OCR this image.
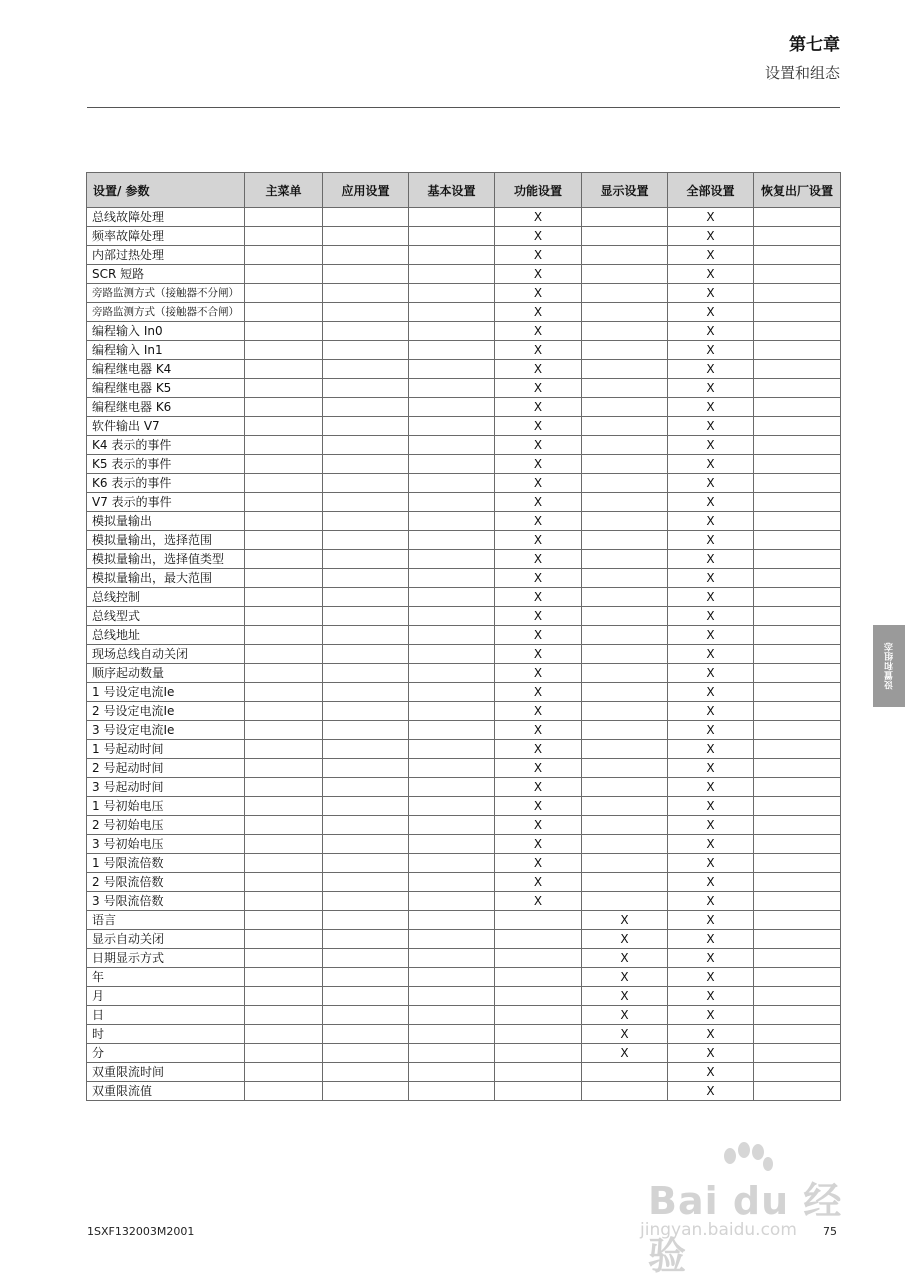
第七章
设置和组态
设置/ 参数	主菜单	应用设置	基本设置	功能设置	显示设置	全部设置	恢复出厂设置
总线故障处理				X		X	
频率故障处理				X		X	
内部过热处理				X		X	
SCR 短路				X		X	
旁路监测方式（接触器不分闸）				X		X	
旁路监测方式（接触器不合闸）				X		X	
编程输入 In0				X		X	
编程输入 In1				X		X	
编程继电器 K4				X		X	
编程继电器 K5				X		X	
编程继电器 K6				X		X	
软件输出 V7				X		X	
K4 表示的事件				X		X	
K5 表示的事件				X		X	
K6 表示的事件				X		X	
V7 表示的事件				X		X	
模拟量输出				X		X	
模拟量输出，选择范围				X		X	
模拟量输出，选择值类型				X		X	
模拟量输出，最大范围				X		X	
总线控制				X		X	
总线型式				X		X	
总线地址				X		X	
现场总线自动关闭				X		X	
顺序起动数量				X		X	
1 号设定电流Ie				X		X	
2 号设定电流Ie				X		X	
3 号设定电流Ie				X		X	
1 号起动时间				X		X	
2 号起动时间				X		X	
3 号起动时间				X		X	
1 号初始电压				X		X	
2 号初始电压				X		X	
3 号初始电压				X		X	
1 号限流倍数				X		X	
2 号限流倍数				X		X	
3 号限流倍数				X		X	
语言					X	X	
显示自动关闭					X	X	
日期显示方式					X	X	
年					X	X	
月					X	X	
日					X	X	
时					X	X	
分					X	X	
双重限流时间						X	
双重限流值						X	
设置和组态
1SXF132003M2001	75
Bai du 经验
jingyan.baidu.com
